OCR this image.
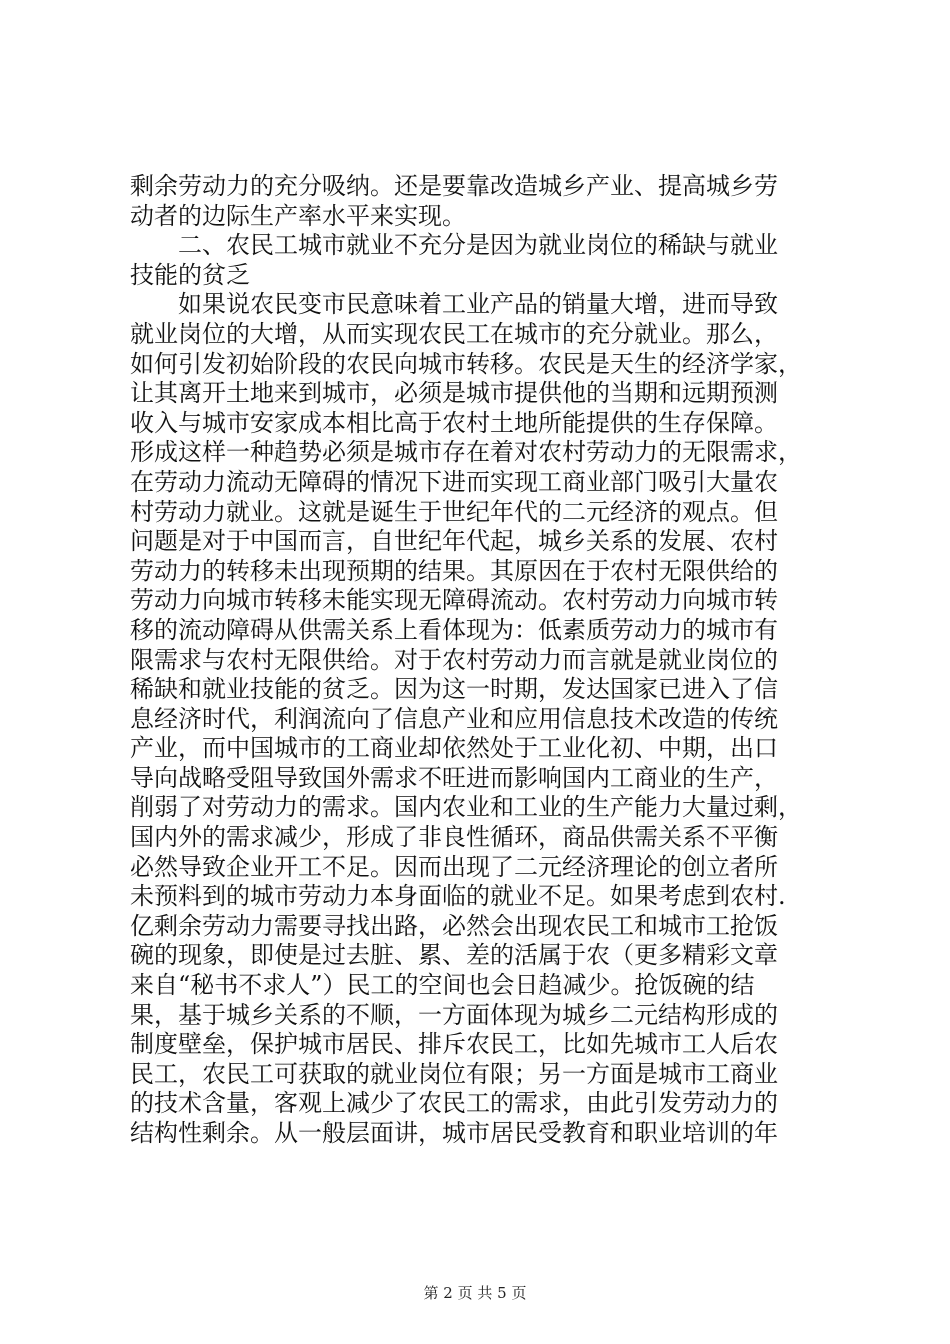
剩余劳动力的充分吸纳。还是要靠改造城乡产业、提高城乡劳
动者的边际生产率水平来实现。
二、农民工城市就业不充分是因为就业岗位的稀缺与就业
技能的贫乏
如果说农民变市民意味着工业产品的销量大增，进而导致
就业岗位的大增，从而实现农民工在城市的充分就业。那么，
如何引发初始阶段的农民向城市转移。农民是天生的经济学家，
让其离开土地来到城市，必须是城市提供他的当期和远期预测
收入与城市安家成本相比高于农村土地所能提供的生存保障。
形成这样一种趋势必须是城市存在着对农村劳动力的无限需求，
在劳动力流动无障碍的情况下进而实现工商业部门吸引大量农
村劳动力就业。这就是诞生于世纪年代的二元经济的观点。但
问题是对于中国而言，自世纪年代起，城乡关系的发展、农村
劳动力的转移未出现预期的结果。其原因在于农村无限供给的
劳动力向城市转移未能实现无障碍流动。农村劳动力向城市转
移的流动障碍从供需关系上看体现为：低素质劳动力的城市有
限需求与农村无限供给。对于农村劳动力而言就是就业岗位的
稀缺和就业技能的贫乏。因为这一时期，发达国家已进入了信
息经济时代，利润流向了信息产业和应用信息技术改造的传统
产业，而中国城市的工商业却依然处于工业化初、中期，出口
导向战略受阻导致国外需求不旺进而影响国内工商业的生产，
削弱了对劳动力的需求。国内农业和工业的生产能力大量过剩，
国内外的需求减少，形成了非良性循环，商品供需关系不平衡
必然导致企业开工不足。因而出现了二元经济理论的创立者所
未预料到的城市劳动力本身面临的就业不足。如果考虑到农村.
亿剩余劳动力需要寻找出路，必然会出现农民工和城市工抢饭
碗的现象，即使是过去脏、累、差的活属于农（更多精彩文章
来自“秘书不求人”）民工的空间也会日趋减少。抢饭碗的结
果，基于城乡关系的不顺，一方面体现为城乡二元结构形成的
制度壁垒，保护城市居民、排斥农民工，比如先城市工人后农
民工，农民工可获取的就业岗位有限；另一方面是城市工商业
的技术含量，客观上减少了农民工的需求，由此引发劳动力的
结构性剩余。从一般层面讲，城市居民受教育和职业培训的年
第 2 页 共 5 页
